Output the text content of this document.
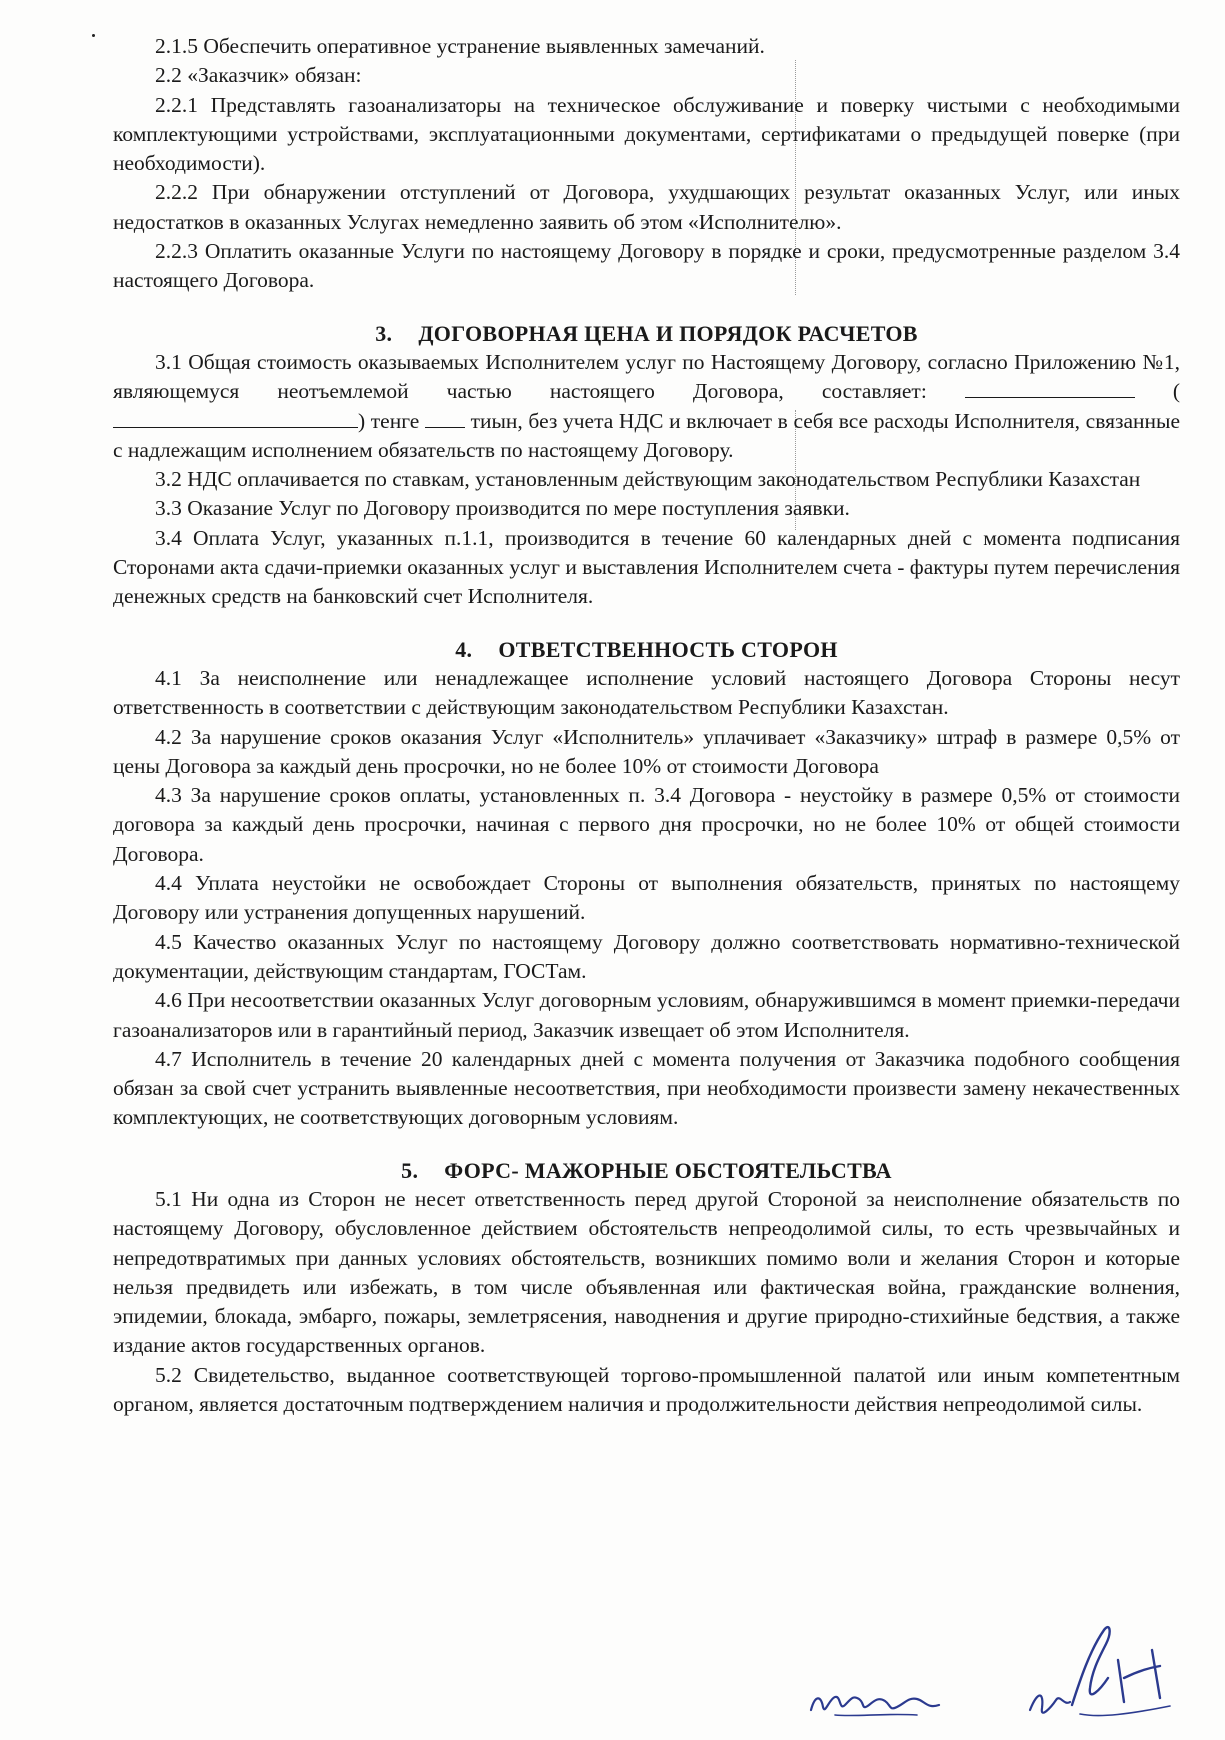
2.1.5 Обеспечить оперативное устранение выявленных замечаний.

2.2 «Заказчик» обязан:

2.2.1 Представлять газоанализаторы на техническое обслуживание и поверку чистыми с необходимыми комплектующими устройствами, эксплуатационными документами, сертификатами о предыдущей поверке (при необходимости).

2.2.2 При обнаружении отступлений от Договора, ухудшающих результат оказанных Услуг, или иных недостатков в оказанных Услугах немедленно заявить об этом «Исполнителю».

2.2.3 Оплатить оказанные Услуги по настоящему Договору в порядке и сроки, предусмотренные разделом 3.4 настоящего Договора.

3. ДОГОВОРНАЯ ЦЕНА И ПОРЯДОК РАСЧЕТОВ

3.1 Общая стоимость оказываемых Исполнителем услуг по Настоящему Договору, согласно Приложению №1, являющемуся неотъемлемой частью настоящего Договора, составляет:	() тенге тиын, без учета НДС и включает в себя все расходы Исполнителя, связанные с надлежащим исполнением обязательств по настоящему Договору.

3.2 НДС оплачивается по ставкам, установленным действующим законодательством Республики Казахстан

3.3 Оказание Услуг по Договору производится по мере поступления заявки.

3.4 Оплата Услуг, указанных п.1.1, производится в течение 60 календарных дней с момента подписания Сторонами акта сдачи-приемки оказанных услуг и выставления Исполнителем счета - фактуры путем перечисления денежных средств на банковский счет Исполнителя.

4. ОТВЕТСТВЕННОСТЬ СТОРОН

4.1 За неисполнение или ненадлежащее исполнение условий настоящего Договора Стороны несут ответственность в соответствии с действующим законодательством Республики Казахстан.

4.2 За нарушение сроков оказания Услуг «Исполнитель» уплачивает «Заказчику» штраф в размере 0,5% от цены Договора за каждый день просрочки, но не более 10% от стоимости Договора

4.3 За нарушение сроков оплаты, установленных п. 3.4 Договора - неустойку в размере 0,5% от стоимости договора за каждый день просрочки, начиная с первого дня просрочки, но не более 10% от общей стоимости Договора.

4.4 Уплата неустойки не освобождает Стороны от выполнения обязательств, принятых по настоящему Договору или устранения допущенных нарушений.

4.5 Качество оказанных Услуг по настоящему Договору должно соответствовать нормативно-технической документации, действующим стандартам, ГОСТам.

4.6 При несоответствии оказанных Услуг договорным условиям, обнаружившимся в момент приемки-передачи газоанализаторов или в гарантийный период, Заказчик извещает об этом Исполнителя.

4.7 Исполнитель в течение 20 календарных дней с момента получения от Заказчика подобного сообщения обязан за свой счет устранить выявленные несоответствия, при необходимости произвести замену некачественных комплектующих, не соответствующих договорным условиям.

5. ФОРС- МАЖОРНЫЕ ОБСТОЯТЕЛЬСТВА

5.1 Ни одна из Сторон не несет ответственность перед другой Стороной за неисполнение обязательств по настоящему Договору, обусловленное действием обстоятельств непреодолимой силы, то есть чрезвычайных и непредотвратимых при данных условиях обстоятельств, возникших помимо воли и желания Сторон и которые нельзя предвидеть или избежать, в том числе объявленная или фактическая война, гражданские волнения, эпидемии, блокада, эмбарго, пожары, землетрясения, наводнения и другие природно-стихийные бедствия, а также издание актов государственных органов.

5.2 Свидетельство, выданное соответствующей торгово-промышленной палатой или иным компетентным органом, является достаточным подтверждением наличия и продолжительности действия непреодолимой силы.
